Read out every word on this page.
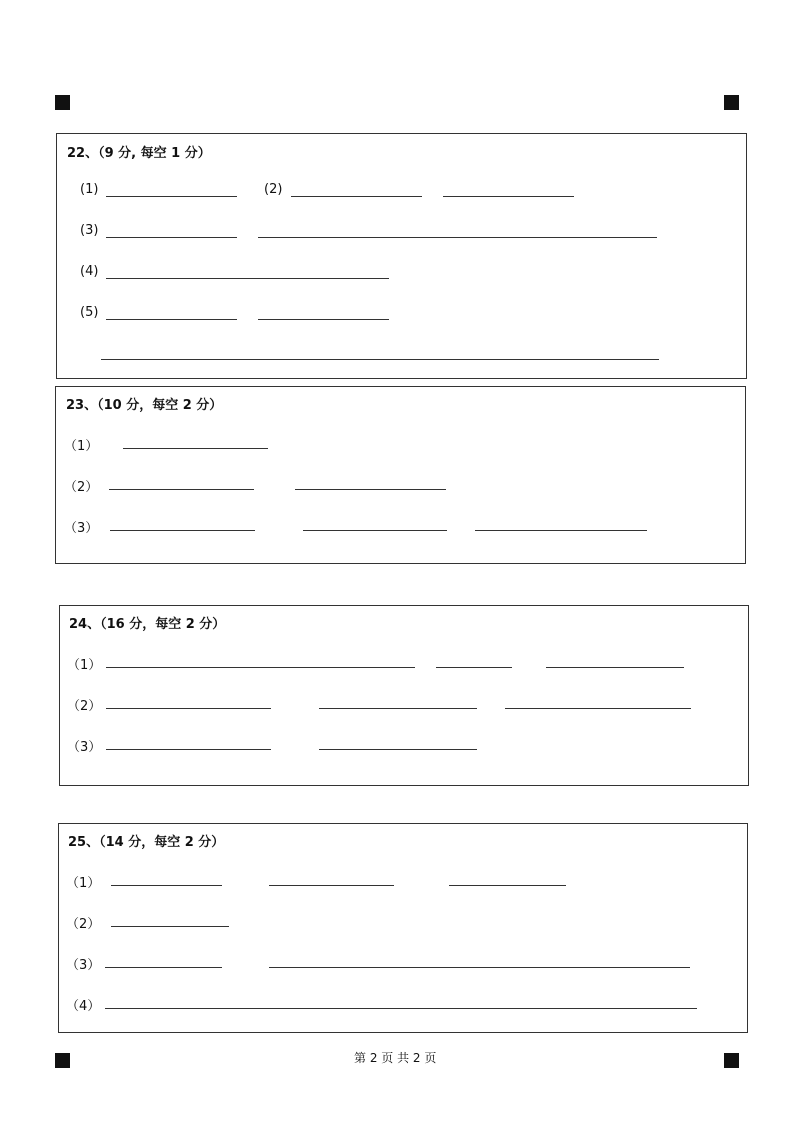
22、（9 分, 每空 1 分）
(1)	(2)
(3)
(4)
(5)
23、（10 分，每空 2 分）
（1）
（2）
（3）
24、（16 分，每空 2 分）
（1）
（2）
（3）
25、（14 分，每空 2 分）
（1）
（2）
（3）
（4）
第 2 页 共 2 页
